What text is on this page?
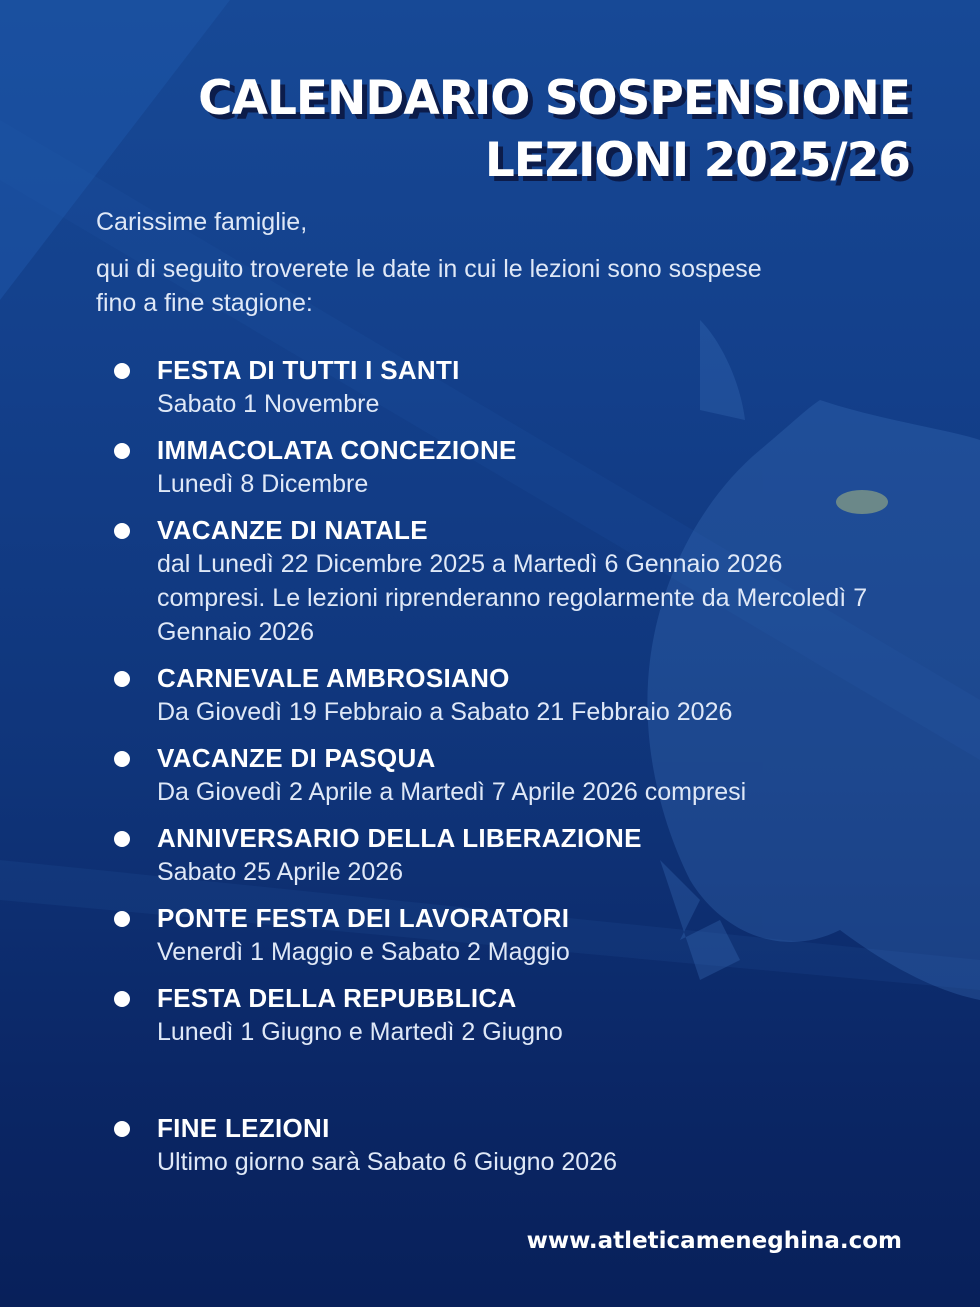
CALENDARIO SOSPENSIONE
LEZIONI 2025/26

Carissime famiglie,

qui di seguito troverete le date in cui le lezioni sono sospese fino a fine stagione:

FESTA DI TUTTI I SANTI
Sabato 1 Novembre
IMMACOLATA CONCEZIONE
Lunedì 8 Dicembre
VACANZE DI NATALE
dal Lunedì 22 Dicembre 2025 a Martedì 6 Gennaio 2026 compresi. Le lezioni riprenderanno regolarmente da Mercoledì 7 Gennaio 2026
CARNEVALE AMBROSIANO
Da Giovedì 19 Febbraio a Sabato 21 Febbraio 2026
VACANZE DI PASQUA
Da Giovedì 2 Aprile a Martedì 7 Aprile 2026 compresi
ANNIVERSARIO DELLA LIBERAZIONE
Sabato 25 Aprile 2026
PONTE FESTA DEI LAVORATORI
Venerdì 1 Maggio e Sabato 2 Maggio
FESTA DELLA REPUBBLICA
Lunedì 1 Giugno e Martedì 2 Giugno
FINE LEZIONI
Ultimo giorno sarà Sabato 6 Giugno 2026
www.atleticameneghina.com
